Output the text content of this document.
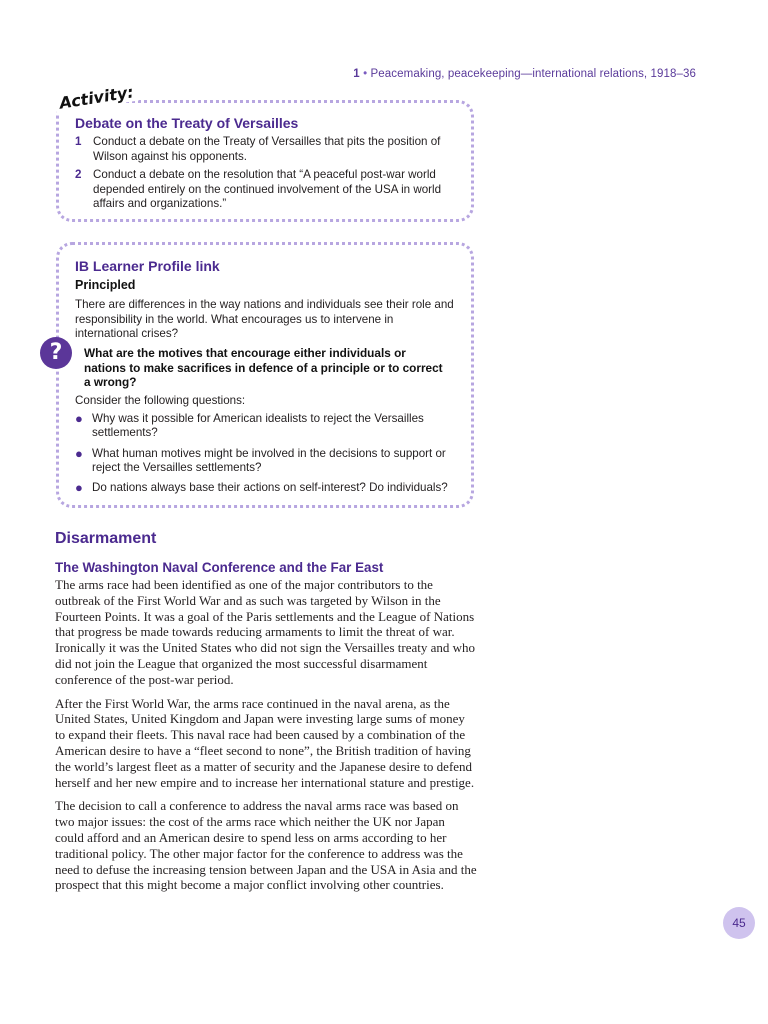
1 • Peacemaking, peacekeeping—international relations, 1918–36
Activity:
Debate on the Treaty of Versailles
1 Conduct a debate on the Treaty of Versailles that pits the position of Wilson against his opponents.
2 Conduct a debate on the resolution that “A peaceful post-war world depended entirely on the continued involvement of the USA in world affairs and organizations.”
IB Learner Profile link
Principled
There are differences in the way nations and individuals see their role and responsibility in the world. What encourages us to intervene in international crises?
?	What are the motives that encourage either individuals or nations to make sacrifices in defence of a principle or to correct a wrong?
Consider the following questions:
● Why was it possible for American idealists to reject the Versailles settlements?
● What human motives might be involved in the decisions to support or reject the Versailles settlements?
● Do nations always base their actions on self-interest? Do individuals?
Disarmament
The Washington Naval Conference and the Far East

The arms race had been identified as one of the major contributors to the outbreak of the First World War and as such was targeted by Wilson in the Fourteen Points. It was a goal of the Paris settlements and the League of Nations that progress be made towards reducing armaments to limit the threat of war. Ironically it was the United States who did not sign the Versailles treaty and who did not join the League that organized the most successful disarmament conference of the post-war period.

After the First World War, the arms race continued in the naval arena, as the United States, United Kingdom and Japan were investing large sums of money to expand their fleets. This naval race had been caused by a combination of the American desire to have a “fleet second to none”, the British tradition of having the world’s largest fleet as a matter of security and the Japanese desire to defend herself and her new empire and to increase her international stature and prestige.

The decision to call a conference to address the naval arms race was based on two major issues: the cost of the arms race which neither the UK nor Japan could afford and an American desire to spend less on arms according to her traditional policy. The other major factor for the conference to address was the need to defuse the increasing tension between Japan and the USA in Asia and the prospect that this might become a major conflict involving other countries.

45
